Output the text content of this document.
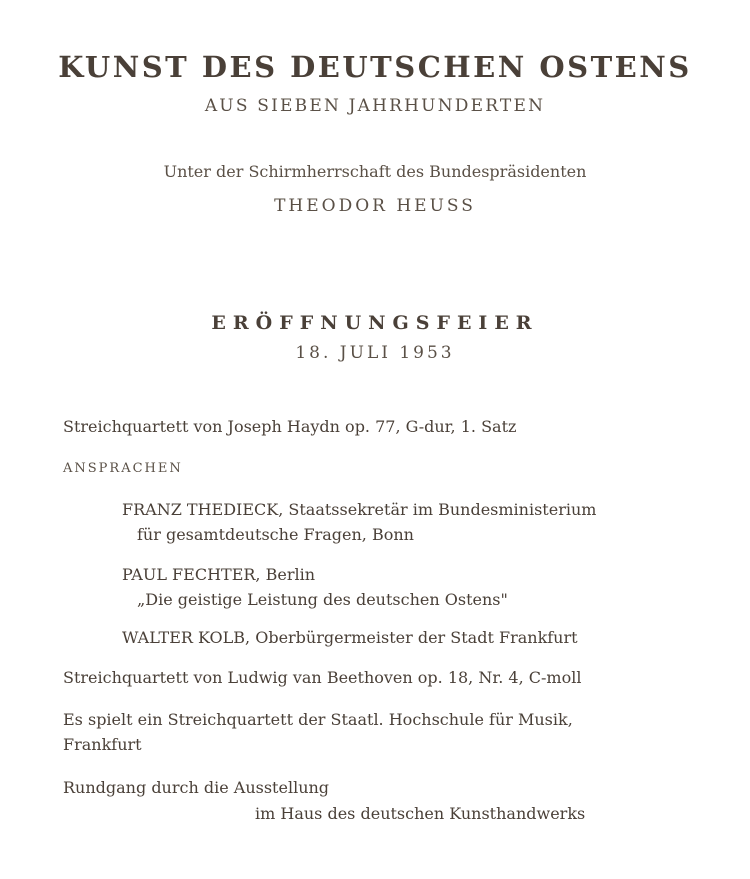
KUNST DES DEUTSCHEN OSTENS
AUS SIEBEN JAHRHUNDERTEN
Unter der Schirmherrschaft des Bundespräsidenten
THEODOR HEUSS
ERÖFFNUNGSFEIER
18. JULI 1953
Streichquartett von Joseph Haydn op. 77, G-dur, 1. Satz
ANSPRACHEN
FRANZ THEDIECK, Staatssekretär im Bundesministerium
für gesamtdeutsche Fragen, Bonn
PAUL FECHTER, Berlin
„Die geistige Leistung des deutschen Ostens"
WALTER KOLB, Oberbürgermeister der Stadt Frankfurt
Streichquartett von Ludwig van Beethoven op. 18, Nr. 4, C-moll
Es spielt ein Streichquartett der Staatl. Hochschule für Musik,
Frankfurt
Rundgang durch die Ausstellung
im Haus des deutschen Kunsthandwerks
